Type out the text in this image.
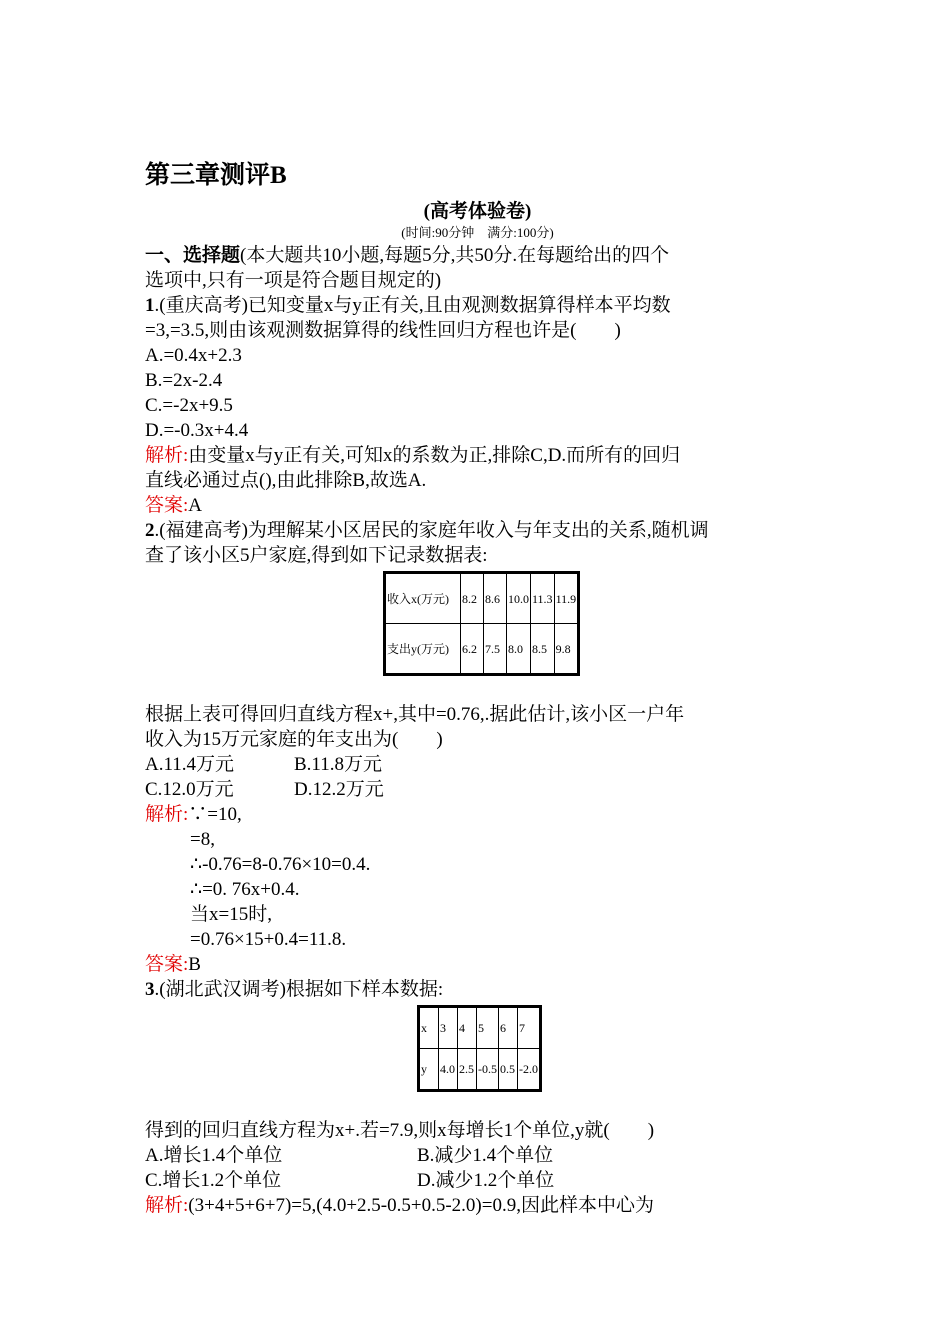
第三章测评B
(高考体验卷)
(时间:90分钟　满分:100分)
一、选择题(本大题共10小题,每题5分,共50分.在每题给出的四个
选项中,只有一项是符合题目规定的)
1.(重庆高考)已知变量x与y正有关,且由观测数据算得样本平均数
=3,=3.5,则由该观测数据算得的线性回归方程也许是(　　)
A.=0.4x+2.3
B.=2x-2.4
C.=-2x+9.5
D.=-0.3x+4.4
解析:由变量x与y正有关,可知x的系数为正,排除C,D.而所有的回归
直线必通过点(),由此排除B,故选A.
答案:A
2.(福建高考)为理解某小区居民的家庭年收入与年支出的关系,随机调
查了该小区5户家庭,得到如下记录数据表:
收入x(万元)	8.2	8.6	10.0	11.3	11.9
支出y(万元)	6.2	7.5	8.0	8.5	9.8
根据上表可得回归直线方程x+,其中=0.76,.据此估计,该小区一户年
收入为15万元家庭的年支出为(　　)
A.11.4万元	B.11.8万元
C.12.0万元	D.12.2万元
解析:∵=10,
=8,
∴-0.76=8-0.76×10=0.4.
∴=0. 76x+0.4.
当x=15时,
=0.76×15+0.4=11.8.
答案:B
3.(湖北武汉调考)根据如下样本数据:
x	3	4	5	6	7
y	4.0	2.5	-0.5	0.5	-2.0
得到的回归直线方程为x+.若=7.9,则x每增长1个单位,y就(　　)
A.增长1.4个单位	B.减少1.4个单位
C.增长1.2个单位	D.减少1.2个单位
解析:(3+4+5+6+7)=5,(4.0+2.5-0.5+0.5-2.0)=0.9,因此样本中心为
